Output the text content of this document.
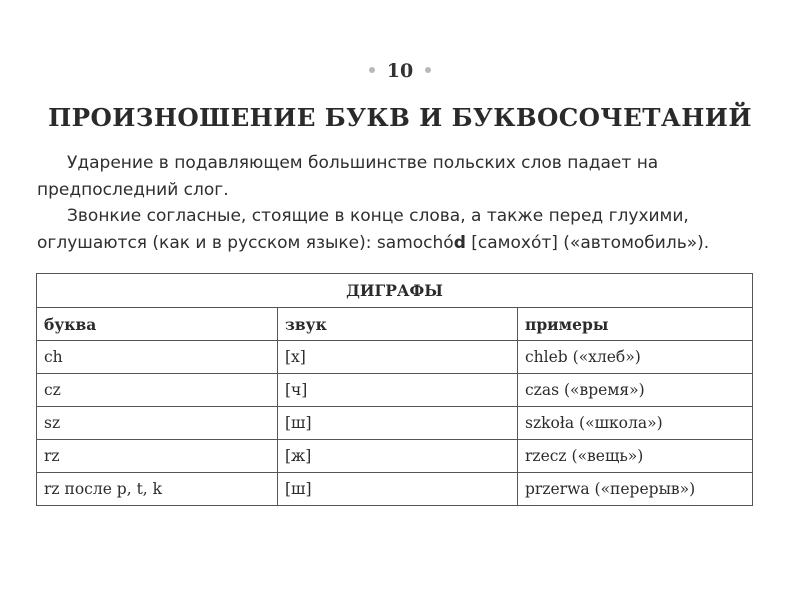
10
ПРОИЗНОШЕНИЕ БУКВ И БУКВОСОЧЕТАНИЙ

Ударение в подавляющем большинстве польских слов падает на предпоследний слог.

Звонкие согласные, стоящие в конце слова, а также перед глухими, оглушаются (как и в русском языке): samochód [самохо́т] («автомобиль»).

ДИГРАФЫ		
буква	звук	примеры
ch	[х]	chleb («хлеб»)
cz	[ч]	czas («время»)
sz	[ш]	szkoła («школа»)
rz	[ж]	rzecz («вещь»)
rz после p, t, k	[ш]	przerwa («перерыв»)
